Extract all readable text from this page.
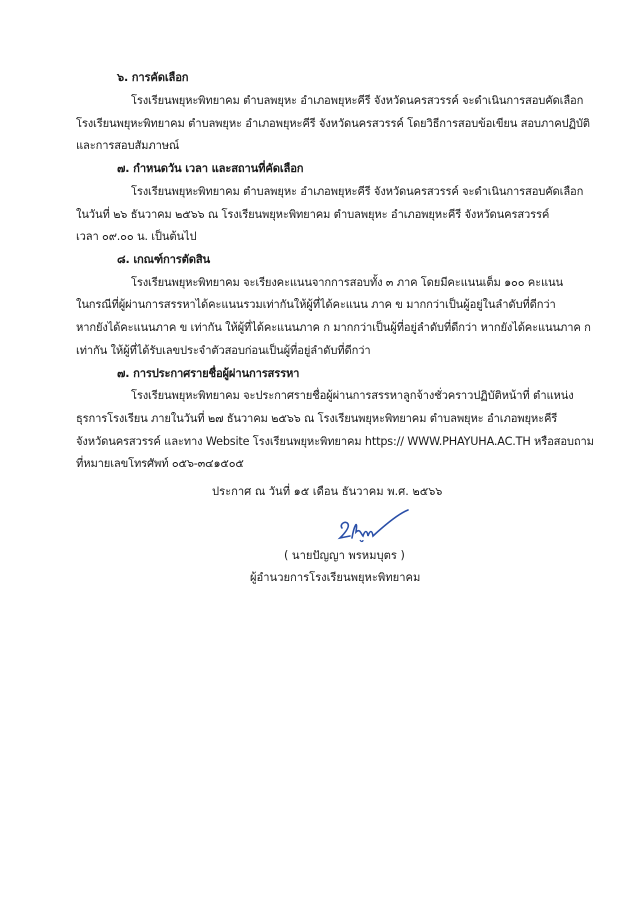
๖. การคัดเลือก
โรงเรียนพยุหะพิทยาคม ตำบลพยุหะ อำเภอพยุหะคีรี จังหวัดนครสวรรค์ จะดำเนินการสอบคัดเลือก
โรงเรียนพยุหะพิทยาคม ตำบลพยุหะ อำเภอพยุหะคีรี จังหวัดนครสวรรค์ โดยวิธีการสอบข้อเขียน สอบภาคปฏิบัติ
และการสอบสัมภาษณ์
๗. กำหนดวัน เวลา และสถานที่คัดเลือก
โรงเรียนพยุหะพิทยาคม ตำบลพยุหะ อำเภอพยุหะคีรี จังหวัดนครสวรรค์ จะดำเนินการสอบคัดเลือก
ในวันที่ ๒๖ ธันวาคม ๒๕๖๖ ณ โรงเรียนพยุหะพิทยาคม ตำบลพยุหะ อำเภอพยุหะคีรี จังหวัดนครสวรรค์
เวลา ๐๙.๐๐ น. เป็นต้นไป
๘. เกณฑ์การตัดสิน
โรงเรียนพยุหะพิทยาคม จะเรียงคะแนนจากการสอบทั้ง ๓ ภาค โดยมีคะแนนเต็ม ๑๐๐ คะแนน
ในกรณีที่ผู้ผ่านการสรรหาได้คะแนนรวมเท่ากันให้ผู้ที่ได้คะแนน ภาค ข มากกว่าเป็นผู้อยู่ในลำดับที่ดีกว่า
หากยังได้คะแนนภาค ข เท่ากัน ให้ผู้ที่ได้คะแนนภาค ก มากกว่าเป็นผู้ที่อยู่ลำดับที่ดีกว่า หากยังได้คะแนนภาค ก
เท่ากัน ให้ผู้ที่ได้รับเลขประจำตัวสอบก่อนเป็นผู้ที่อยู่ลำดับที่ดีกว่า
๗. การประกาศรายชื่อผู้ผ่านการสรรหา
โรงเรียนพยุหะพิทยาคม จะประกาศรายชื่อผู้ผ่านการสรรหาลูกจ้างชั่วคราวปฏิบัติหน้าที่ ตำแหน่ง
ธุรการโรงเรียน ภายในวันที่ ๒๗ ธันวาคม ๒๕๖๖ ณ โรงเรียนพยุหะพิทยาคม ตำบลพยุหะ อำเภอพยุหะคีรี
จังหวัดนครสวรรค์ และทาง Website โรงเรียนพยุหะพิทยาคม https:// WWW.PHAYUHA.AC.TH หรือสอบถาม
ที่หมายเลขโทรศัพท์ ๐๕๖-๓๔๑๕๐๕
ประกาศ ณ วันที่ ๑๕ เดือน ธันวาคม พ.ศ. ๒๕๖๖
( นายปัญญา พรหมบุตร )
ผู้อำนวยการโรงเรียนพยุหะพิทยาคม
